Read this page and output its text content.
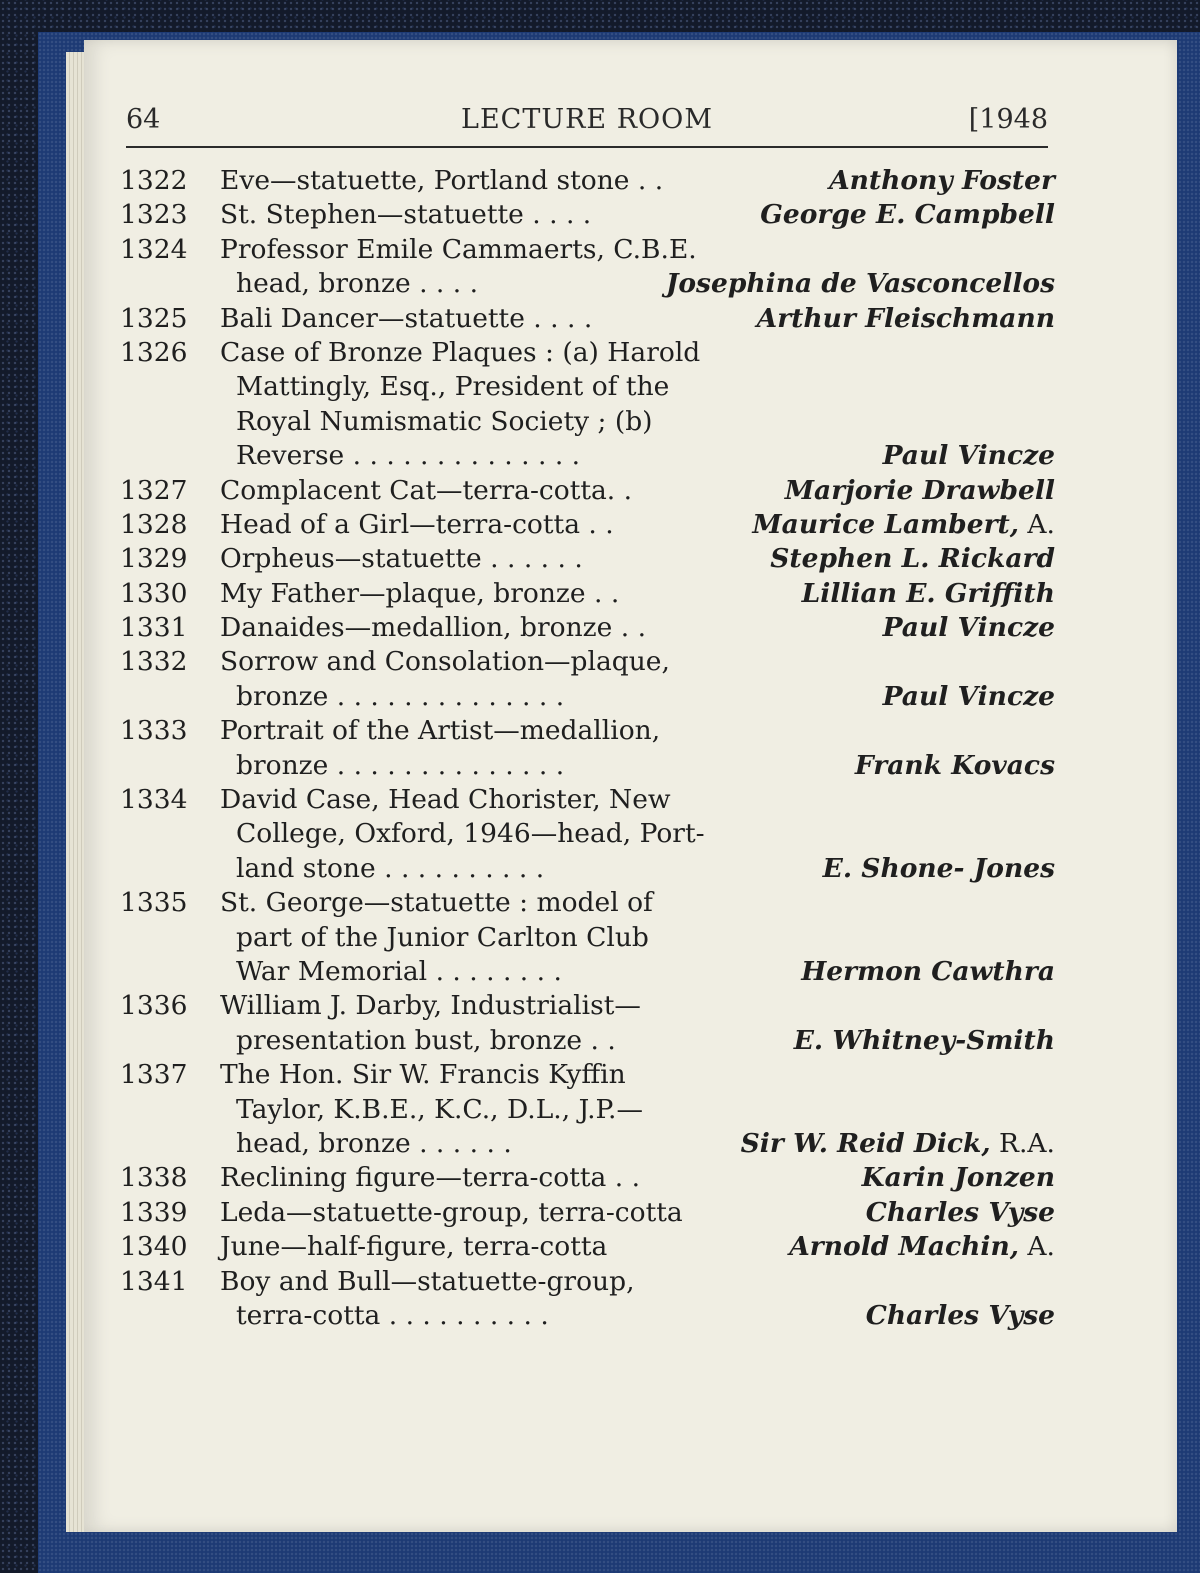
64	LECTURE ROOM	[1948
1322	Eve—statuette, Portland stone . .	Anthony Foster
1323	St. Stephen—statuette . . . .	George E. Campbell
1324	Professor Emile Cammaerts, C.B.E.
head, bronze . . . .	Josephina de Vasconcellos
1325	Bali Dancer—statuette . . . .	Arthur Fleischmann
1326	Case of Bronze Plaques : (a) Harold
Mattingly, Esq., President of the
Royal Numismatic Society ; (b)
Reverse . . . . . . . . . . . . . .	Paul Vincze
1327	Complacent Cat—terra-cotta. .	Marjorie Drawbell
1328	Head of a Girl—terra-cotta . .	Maurice Lambert, A.
1329	Orpheus—statuette . . . . . .	Stephen L. Rickard
1330	My Father—plaque, bronze . .	Lillian E. Griffith
1331	Danaides—medallion, bronze . .	Paul Vincze
1332	Sorrow and Consolation—plaque,
bronze . . . . . . . . . . . . . .	Paul Vincze
1333	Portrait of the Artist—medallion,
bronze . . . . . . . . . . . . . .	Frank Kovacs
1334	David Case, Head Chorister, New
College, Oxford, 1946—head, Port-
land stone . . . . . . . . . .	E. Shone- Jones
1335	St. George—statuette : model of
part of the Junior Carlton Club
War Memorial . . . . . . . .	Hermon Cawthra
1336	William J. Darby, Industrialist—
presentation bust, bronze . .	E. Whitney-Smith
1337	The Hon. Sir W. Francis Kyffin
Taylor, K.B.E., K.C., D.L., J.P.—
head, bronze . . . . . .	Sir W. Reid Dick, R.A.
1338	Reclining figure—terra-cotta . .	Karin Jonzen
1339	Leda—statuette-group, terra-cotta	Charles Vyse
1340	June—half-figure, terra-cotta	Arnold Machin, A.
1341	Boy and Bull—statuette-group,
terra-cotta . . . . . . . . . .	Charles Vyse
